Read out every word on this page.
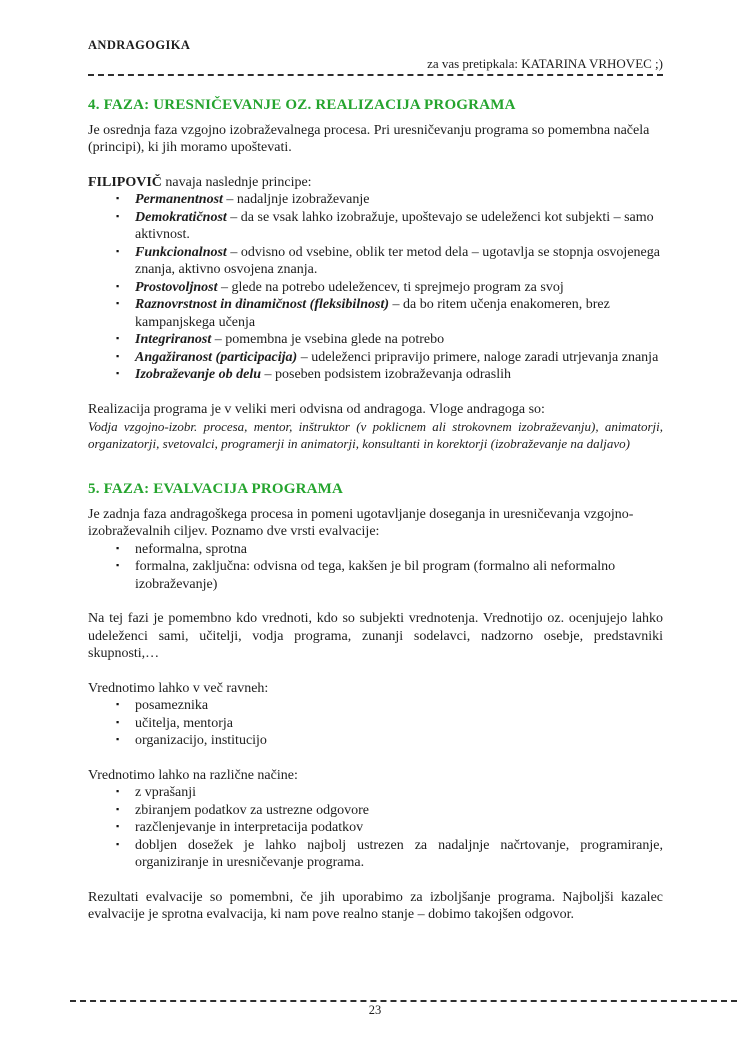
ANDRAGOGIKA
za vas pretipkala: KATARINA VRHOVEC ;)
4. FAZA: URESNIČEVANJE OZ. REALIZACIJA PROGRAMA

Je osrednja faza vzgojno izobraževalnega procesa. Pri uresničevanju programa so pomembna načela (principi), ki jih moramo upoštevati.

FILIPOVIČ navaja naslednje principe:

▪ Permanentnost – nadaljnje izobraževanje
▪ Demokratičnost – da se vsak lahko izobražuje, upoštevajo se udeleženci kot subjekti – samo aktivnost.
▪ Funkcionalnost – odvisno od vsebine, oblik ter metod dela – ugotavlja se stopnja osvojenega znanja, aktivno osvojena znanja.
▪ Prostovoljnost – glede na potrebo udeležencev, ti sprejmejo program za svoj
▪ Raznovrstnost in dinamičnost (fleksibilnost) – da bo ritem učenja enakomeren, brez kampanjskega učenja
▪ Integriranost – pomembna je vsebina glede na potrebo
▪ Angažiranost (participacija) – udeleženci pripravijo primere, naloge zaradi utrjevanja znanja
▪ Izobraževanje ob delu – poseben podsistem izobraževanja odraslih

Realizacija programa je v veliki meri odvisna od andragoga. Vloge andragoga so:

Vodja vzgojno-izobr. procesa, mentor, inštruktor (v poklicnem ali strokovnem izobraževanju), animatorji, organizatorji, svetovalci, programerji in animatorji, konsultanti in korektorji (izobraževanje na daljavo)

5. FAZA: EVALVACIJA PROGRAMA

Je zadnja faza andragoškega procesa in pomeni ugotavljanje doseganja in uresničevanja vzgojno-izobraževalnih ciljev. Poznamo dve vrsti evalvacije:

▪ neformalna, sprotna
▪ formalna, zaključna: odvisna od tega, kakšen je bil program (formalno ali neformalno izobraževanje)

Na tej fazi je pomembno kdo vrednoti, kdo so subjekti vrednotenja. Vrednotijo oz. ocenjujejo lahko udeleženci sami, učitelji, vodja programa, zunanji sodelavci, nadzorno osebje, predstavniki skupnosti,…

Vrednotimo lahko v več ravneh:

▪ posameznika
▪ učitelja, mentorja
▪ organizacijo, institucijo

Vrednotimo lahko na različne načine:

▪ z vprašanji
▪ zbiranjem podatkov za ustrezne odgovore
▪ razčlenjevanje in interpretacija podatkov
▪ dobljen dosežek je lahko najbolj ustrezen za nadaljnje načrtovanje, programiranje, organiziranje in uresničevanje programa.

Rezultati evalvacije so pomembni, če jih uporabimo za izboljšanje programa. Najboljši kazalec evalvacije je sprotna evalvacija, ki nam pove realno stanje – dobimo takojšen odgovor.

23
